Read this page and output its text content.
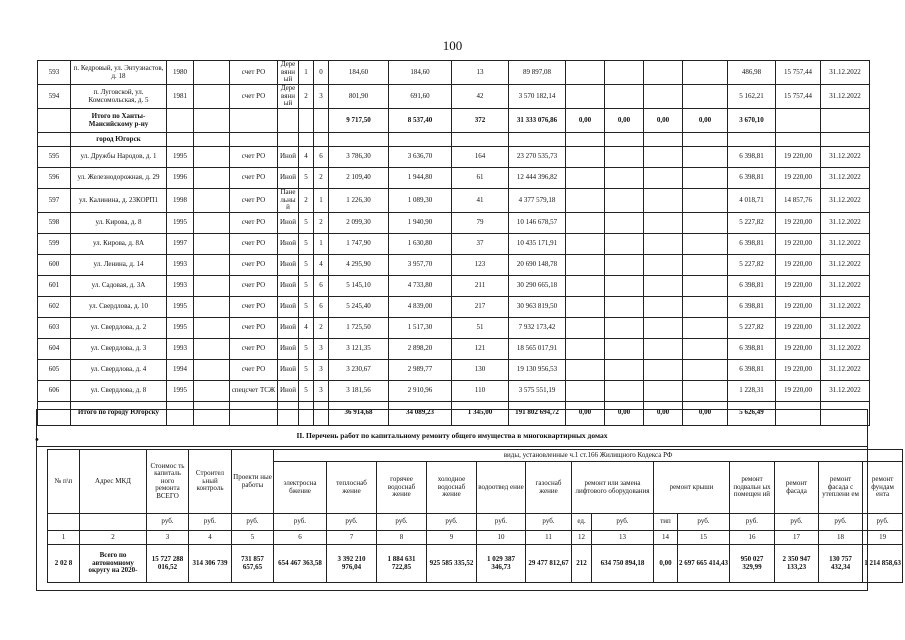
100
593	п. Кедровый, ул. Энтузиастов, д. 18	1980		счет РО	Дере вянн ый	1	0	184,60	184,60	13	89 897,08					486,98	15 757,44	31.12.2022
594	п. Луговской, ул. Комсомольская, д. 5	1981		счет РО	Дере вянн ый	2	3	801,90	691,60	42	3 570 182,14					5 162,21	15 757,44	31.12.2022
	Итого по Ханты-Мансийскому р-ну							9 717,50	8 537,40	372	31 333 076,86	0,00	0,00	0,00	0,00	3 670,10		
	город Югорск																	
595	ул. Дружбы Народов, д. 1	1995		счет РО	Иной	4	6	3 786,30	3 636,70	164	23 270 535,73					6 398,81	19 220,00	31.12.2022
596	ул. Железнодорожная, д. 29	1996		счет РО	Иной	5	2	2 109,40	1 944,80	61	12 444 396,82					6 398,81	19 220,00	31.12.2022
597	ул. Калинина, д. 23КОРП1	1998		счет РО	Пане льны й	2	1	1 226,30	1 089,30	41	4 377 579,18					4 018,71	14 857,76	31.12.2022
598	ул. Кирова, д. 8	1995		счет РО	Иной	5	2	2 099,30	1 940,90	79	10 146 678,57					5 227,82	19 220,00	31.12.2022
599	ул. Кирова, д. 8А	1997		счет РО	Иной	5	1	1 747,90	1 630,80	37	10 435 171,91					6 398,81	19 220,00	31.12.2022
600	ул. Ленина, д. 14	1993		счет РО	Иной	5	4	4 295,90	3 957,70	123	20 690 148,78					5 227,82	19 220,00	31.12.2022
601	ул. Садовая, д. 3А	1993		счет РО	Иной	5	6	5 145,10	4 733,80	211	30 290 665,18					6 398,81	19 220,00	31.12.2022
602	ул. Свердлова, д. 10	1995		счет РО	Иной	5	6	5 245,40	4 839,00	217	30 963 819,50					6 398,81	19 220,00	31.12.2022
603	ул. Свердлова, д. 2	1995		счет РО	Иной	4	2	1 725,50	1 517,30	51	7 932 173,42					5 227,82	19 220,00	31.12.2022
604	ул. Свердлова, д. 3	1993		счет РО	Иной	5	3	3 121,35	2 898,20	121	18 565 017,91					6 398,81	19 220,00	31.12.2022
605	ул. Свердлова, д. 4	1994		счет РО	Иной	5	3	3 230,67	2 989,77	130	19 130 956,53					6 398,81	19 220,00	31.12.2022
606	ул. Свердлова, д. 8	1995		спецсчет ТСЖ	Иной	5	3	3 181,56	2 910,96	110	3 575 551,19					1 228,31	19 220,00	31.12.2022
	Итого по городу Югорску							36 914,68	34 089,23	1 345,00	191 802 694,72	0,00	0,00	0,00	0,00	5 626,49		
II. Перечень работ по капитальному ремонту общего имущества в многоквартирных домах
•
№ п\п	Адрес МКД	Стоимос ть капиталь ного ремонта ВСЕГО	Строител ьный контроль	Проекти ные работы	виды, установленные ч.1 ст.166 Жилищного Кодекса РФ													
					электросна бжение	теплоснаб жение	горячее водоснаб жение	холодное водоснаб жение	водоотвед ение	газоснаб жение	ремонт или замена лифтового оборудования		ремонт крыши		ремонт подвальн ых помещен ий	ремонт фасада	ремонт фасада с утеплени ем	ремонт фундам ента
		руб.	руб.	руб.	руб.	руб.	руб.	руб.	руб.	руб.	ед.	руб.	тип	руб.	руб.	руб.	руб.	руб.
1	2	3	4	5	6	7	8	9	10	11	12	13	14	15	16	17	18	19
2 02 8	Всего по автономному округу на 2020-	15 727 288 016,52	314 306 739	731 857 657,65	654 467 363,58	3 392 210 976,04	1 884 631 722,85	925 585 335,52	1 029 387 346,73	29 477 812,67	212	634 750 894,18	0,00	2 697 665 414,43	950 027 329,99	2 350 947 133,23	130 757 432,34	1 214 858,63
